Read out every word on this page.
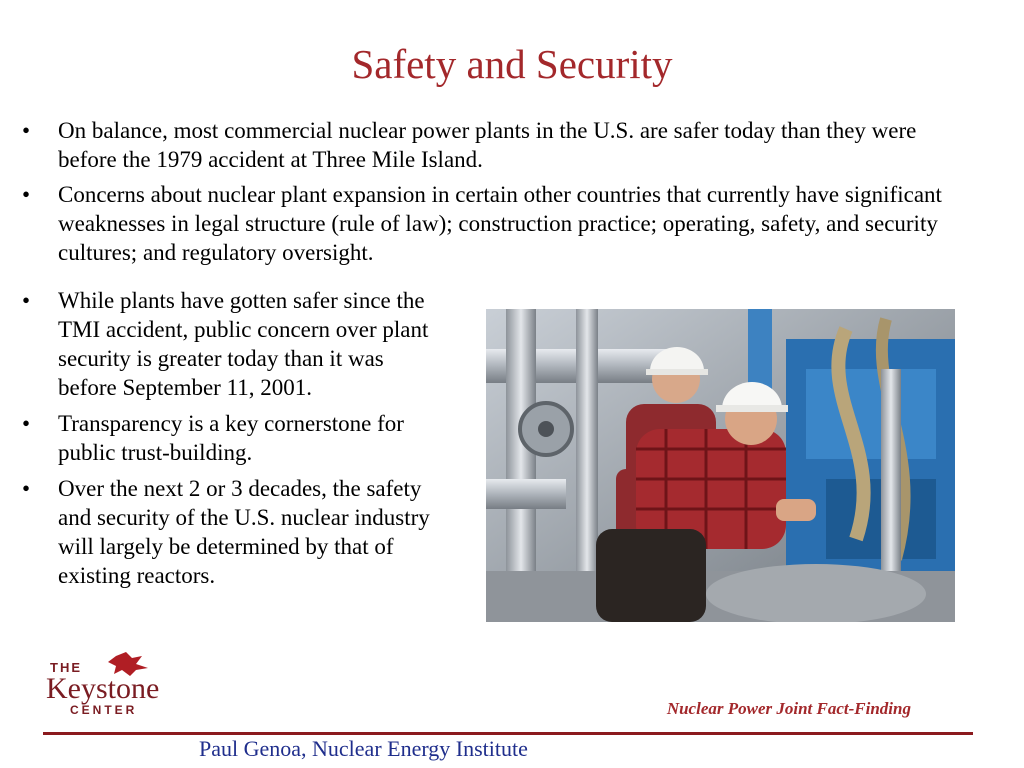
Safety and Security
• On balance, most commercial nuclear power plants in the U.S. are safer today than they were before the 1979 accident at Three Mile Island.
• Concerns about nuclear plant expansion in certain other countries that currently have significant weaknesses in legal structure (rule of law); construction practice; operating, safety, and security cultures; and regulatory oversight.
• While plants have gotten safer since the TMI accident, public concern over plant security is greater today than it was before September 11, 2001.
• Transparency is a key cornerstone for public trust-building.
• Over the next 2 or 3 decades, the safety and security of the U.S. nuclear industry will largely be determined by that of existing reactors.
THE
Keystone
CENTER	Nuclear Power Joint Fact-Finding
Paul Genoa, Nuclear Energy Institute
